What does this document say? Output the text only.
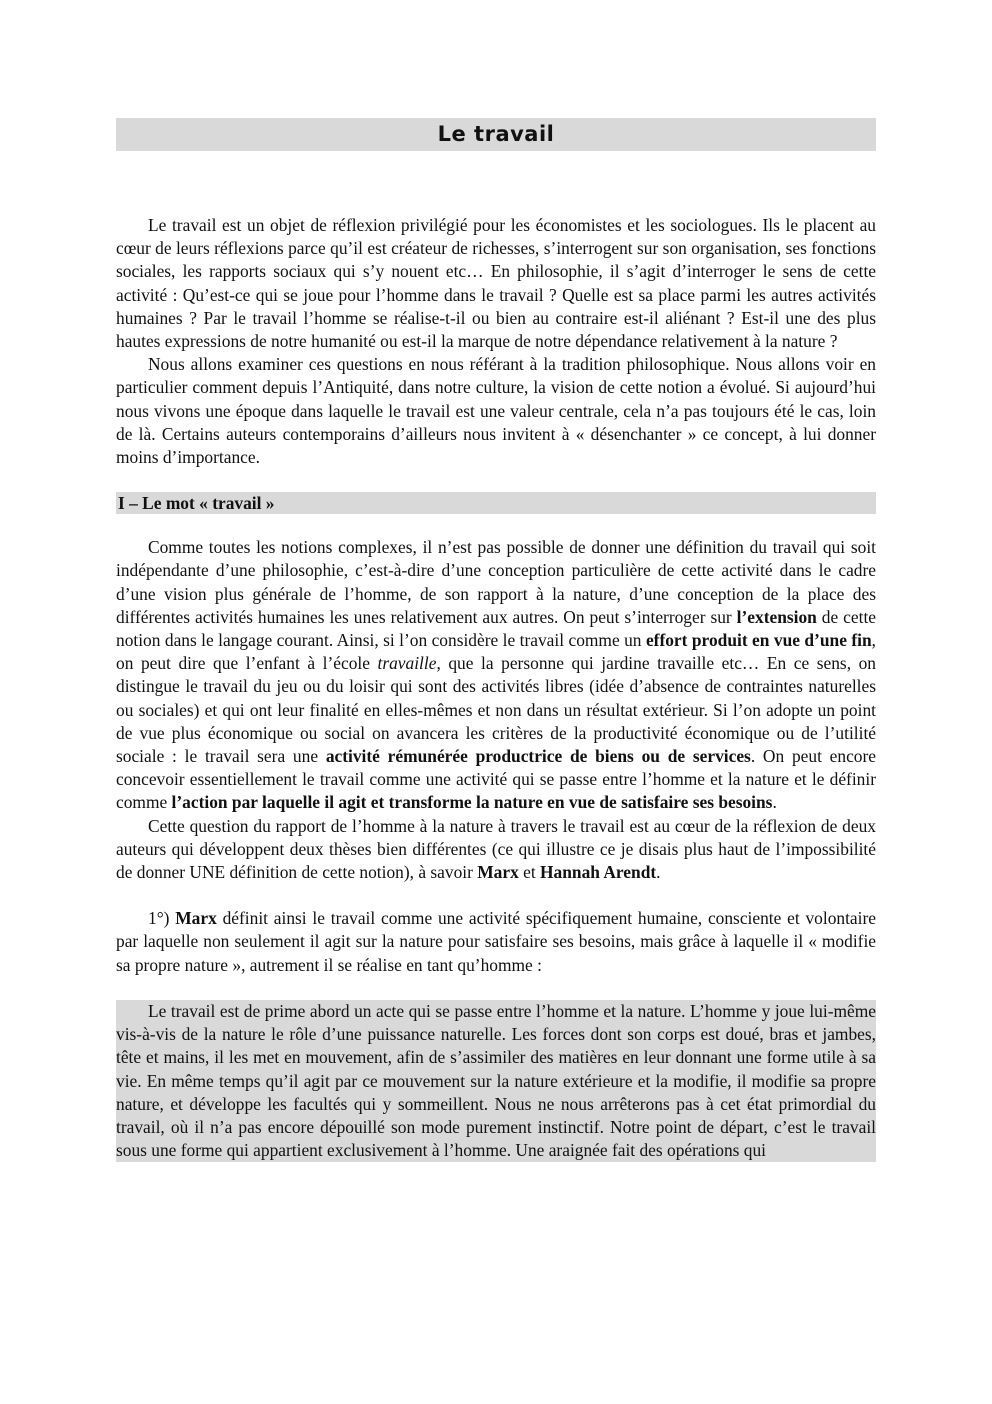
Le travail

Le travail est un objet de réflexion privilégié pour les économistes et les sociologues. Ils le placent au cœur de leurs réflexions parce qu’il est créateur de richesses, s’interrogent sur son organisation, ses fonctions sociales, les rapports sociaux qui s’y nouent etc… En philosophie, il s’agit d’interroger le sens de cette activité : Qu’est-ce qui se joue pour l’homme dans le travail ? Quelle est sa place parmi les autres activités humaines ? Par le travail l’homme se réalise-t-il ou bien au contraire est-il aliénant ? Est-il une des plus hautes expressions de notre humanité ou est-il la marque de notre dépendance relativement à la nature ?

Nous allons examiner ces questions en nous référant à la tradition philosophique. Nous allons voir en particulier comment depuis l’Antiquité, dans notre culture, la vision de cette notion a évolué. Si aujourd’hui nous vivons une époque dans laquelle le travail est une valeur centrale, cela n’a pas toujours été le cas, loin de là. Certains auteurs contemporains d’ailleurs nous invitent à « désenchanter » ce concept, à lui donner moins d’importance.

I – Le mot « travail »

Comme toutes les notions complexes, il n’est pas possible de donner une définition du travail qui soit indépendante d’une philosophie, c’est-à-dire d’une conception particulière de cette activité dans le cadre d’une vision plus générale de l’homme, de son rapport à la nature, d’une conception de la place des différentes activités humaines les unes relativement aux autres. On peut s’interroger sur l’extension de cette notion dans le langage courant. Ainsi, si l’on considère le travail comme un effort produit en vue d’une fin, on peut dire que l’enfant à l’école travaille, que la personne qui jardine travaille etc… En ce sens, on distingue le travail du jeu ou du loisir qui sont des activités libres (idée d’absence de contraintes naturelles ou sociales) et qui ont leur finalité en elles-mêmes et non dans un résultat extérieur. Si l’on adopte un point de vue plus économique ou social on avancera les critères de la productivité économique ou de l’utilité sociale : le travail sera une activité rémunérée productrice de biens ou de services. On peut encore concevoir essentiellement le travail comme une activité qui se passe entre l’homme et la nature et le définir comme l’action par laquelle il agit et transforme la nature en vue de satisfaire ses besoins.

Cette question du rapport de l’homme à la nature à travers le travail est au cœur de la réflexion de deux auteurs qui développent deux thèses bien différentes (ce qui illustre ce je disais plus haut de l’impossibilité de donner UNE définition de cette notion), à savoir Marx et Hannah Arendt.

1°) Marx définit ainsi le travail comme une activité spécifiquement humaine, consciente et volontaire par laquelle non seulement il agit sur la nature pour satisfaire ses besoins, mais grâce à laquelle il « modifie sa propre nature », autrement il se réalise en tant qu’homme :

Le travail est de prime abord un acte qui se passe entre l’homme et la nature. L’homme y joue lui-même vis-à-vis de la nature le rôle d’une puissance naturelle. Les forces dont son corps est doué, bras et jambes, tête et mains, il les met en mouvement, afin de s’assimiler des matières en leur donnant une forme utile à sa vie. En même temps qu’il agit par ce mouvement sur la nature extérieure et la modifie, il modifie sa propre nature, et développe les facultés qui y sommeillent. Nous ne nous arrêterons pas à cet état primordial du travail, où il n’a pas encore dépouillé son mode purement instinctif. Notre point de départ, c’est le travail sous une forme qui appartient exclusivement à l’homme. Une araignée fait des opérations qui
